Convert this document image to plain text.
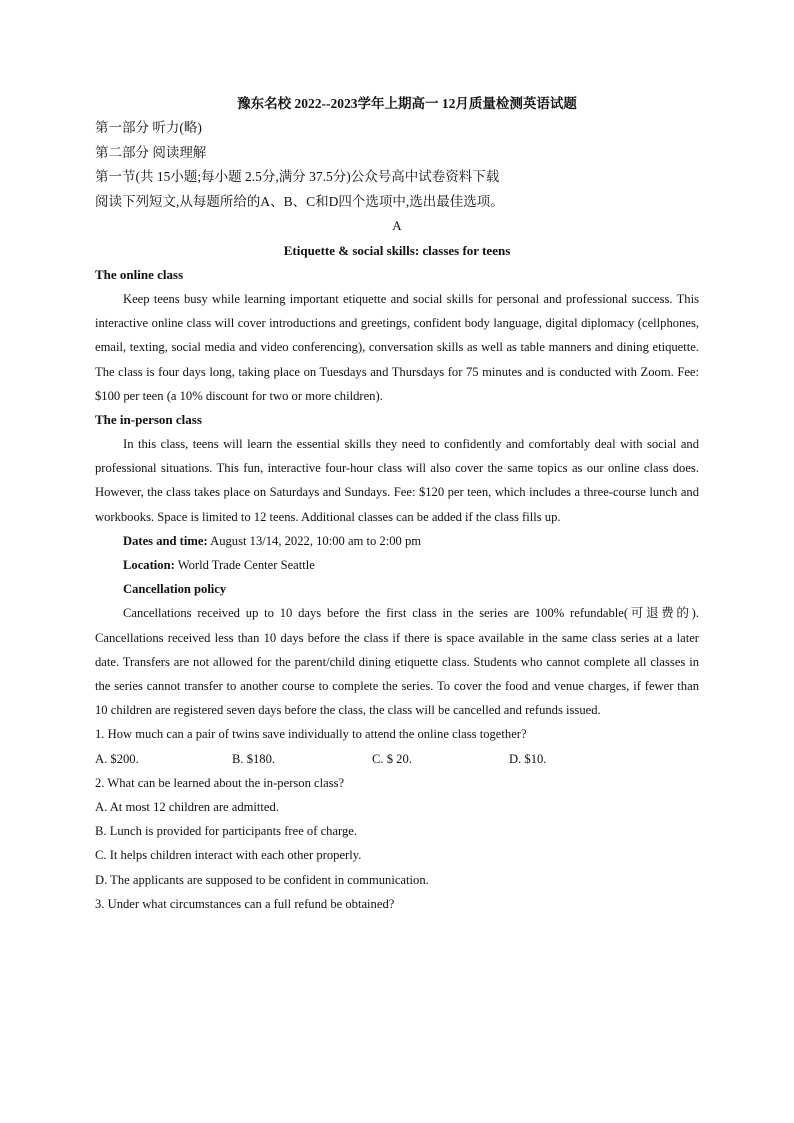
豫东名校 2022--2023学年上期高一 12月质量检测英语试题
第一部分 听力(略)
第二部分 阅读理解
第一节(共 15小题;每小题 2.5分,满分 37.5分)公众号高中试卷资料下载
阅读下列短文,从每题所给的A、B、C和D四个选项中,选出最佳选项。
A
Etiquette & social skills: classes for teens
The online class

Keep teens busy while learning important etiquette and social skills for personal and professional success. This interactive online class will cover introductions and greetings, confident body language, digital diplomacy (cellphones, email, texting, social media and video conferencing), conversation skills as well as table manners and dining etiquette. The class is four days long, taking place on Tuesdays and Thursdays for 75 minutes and is conducted with Zoom. Fee: $100 per teen (a 10% discount for two or more children).

The in-person class

In this class, teens will learn the essential skills they need to confidently and comfortably deal with social and professional situations. This fun, interactive four-hour class will also cover the same topics as our online class does. However, the class takes place on Saturdays and Sundays. Fee: $120 per teen, which includes a three-course lunch and workbooks. Space is limited to 12 teens. Additional classes can be added if the class fills up.

Dates and time: August 13/14, 2022, 10:00 am to 2:00 pm
Location: World Trade Center Seattle
Cancellation policy

Cancellations received up to 10 days before the first class in the series are 100% refundable(可退费的). Cancellations received less than 10 days before the class if there is space available in the same class series at a later date. Transfers are not allowed for the parent/child dining etiquette class. Students who cannot complete all classes in the series cannot transfer to another course to complete the series. To cover the food and venue charges, if fewer than 10 children are registered seven days before the class, the class will be cancelled and refunds issued.

1. How much can a pair of twins save individually to attend the online class together?
A. $200.	B. $180.	C. $ 20.	D. $10.
2. What can be learned about the in-person class?
A. At most 12 children are admitted.
B. Lunch is provided for participants free of charge.
C. It helps children interact with each other properly.
D. The applicants are supposed to be confident in communication.
3. Under what circumstances can a full refund be obtained?
